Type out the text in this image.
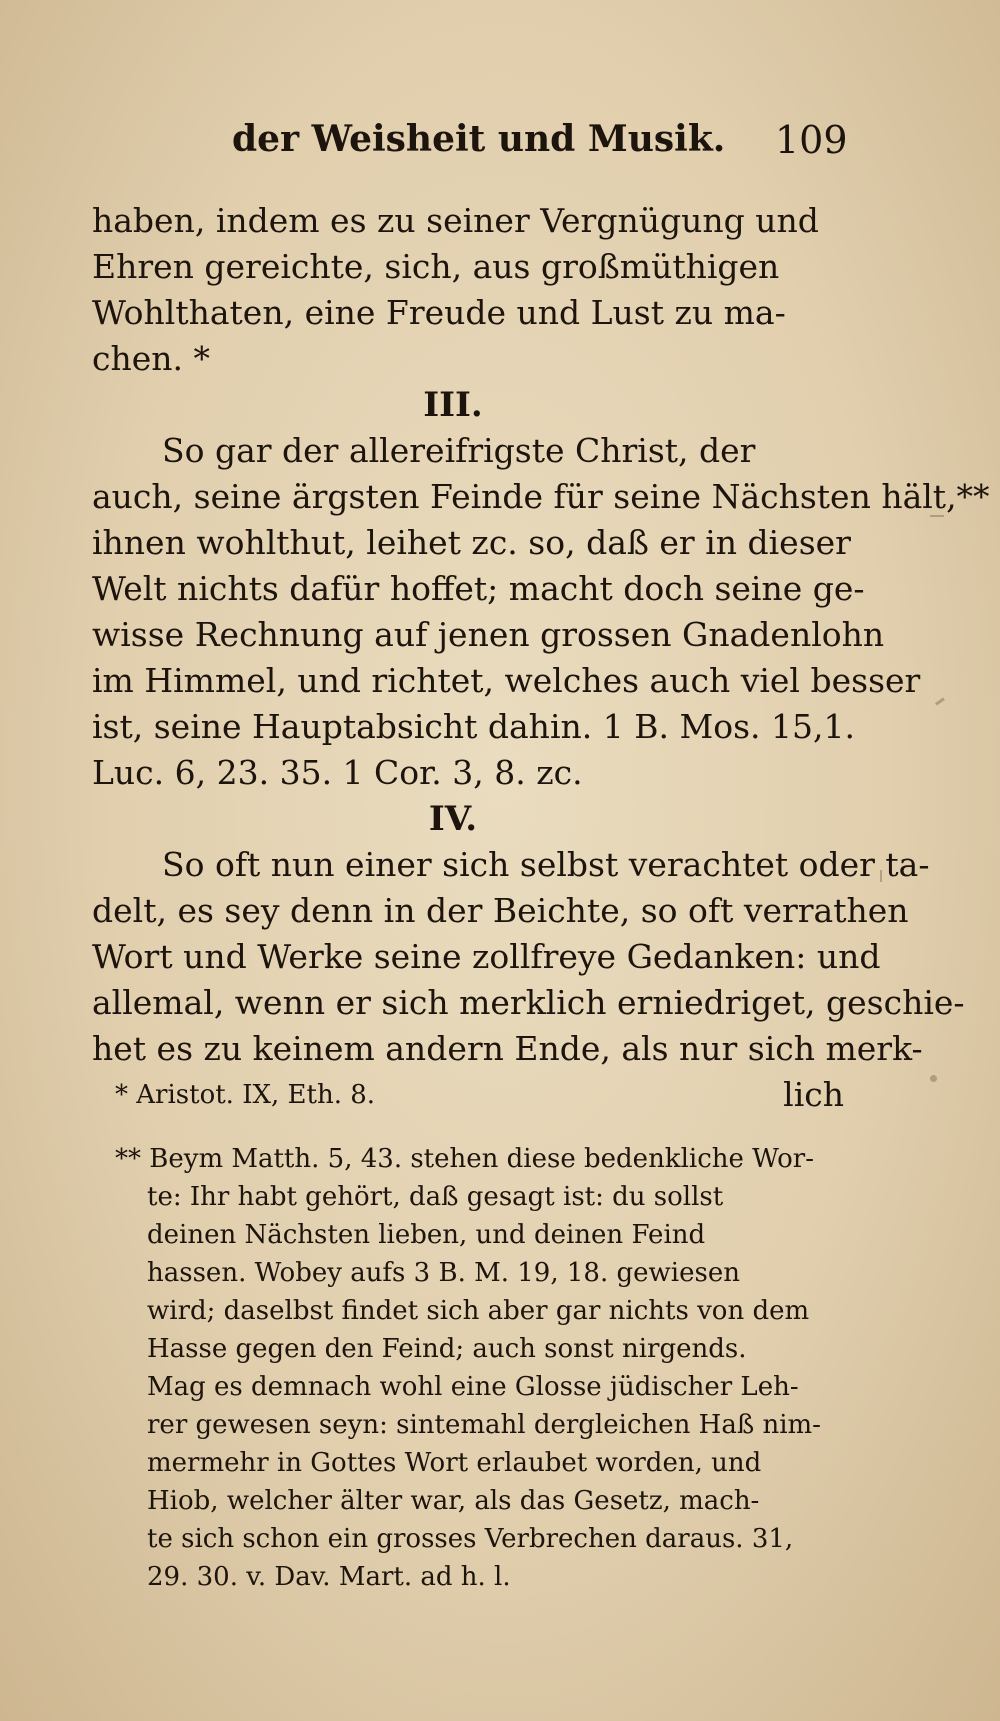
der Weisheit und Musik. 109
haben, indem es zu seiner Vergnügung und
Ehren gereichte, sich, aus großmüthigen
Wohlthaten, eine Freude und Lust zu ma-
chen. *
III.
So gar der allereifrigste Christ, der
auch, seine ärgsten Feinde für seine Nächsten hält,**
ihnen wohlthut, leihet zc. so, daß er in dieser
Welt nichts dafür hoffet; macht doch seine ge-
wisse Rechnung auf jenen grossen Gnadenlohn
im Himmel, und richtet, welches auch viel besser
ist, seine Hauptabsicht dahin. 1 B. Mos. 15,1.
Luc. 6, 23. 35. 1 Cor. 3, 8. zc.
IV.
So oft nun einer sich selbst verachtet oder ta-
delt, es sey denn in der Beichte, so oft verrathen
Wort und Werke seine zollfreye Gedanken: und
allemal, wenn er sich merklich erniedriget, geschie-
het es zu keinem andern Ende, als nur sich merk-
lich
* Aristot. IX, Eth. 8.
** Beym Matth. 5, 43. stehen diese bedenkliche Wor-
te: Ihr habt gehört, daß gesagt ist: du sollst
deinen Nächsten lieben, und deinen Feind
hassen. Wobey aufs 3 B. M. 19, 18. gewiesen
wird; daselbst findet sich aber gar nichts von dem
Hasse gegen den Feind; auch sonst nirgends.
Mag es demnach wohl eine Glosse jüdischer Leh-
rer gewesen seyn: sintemahl dergleichen Haß nim-
mermehr in Gottes Wort erlaubet worden, und
Hiob, welcher älter war, als das Gesetz, mach-
te sich schon ein grosses Verbrechen daraus. 31,
29. 30. v. Dav. Mart. ad h. l.
